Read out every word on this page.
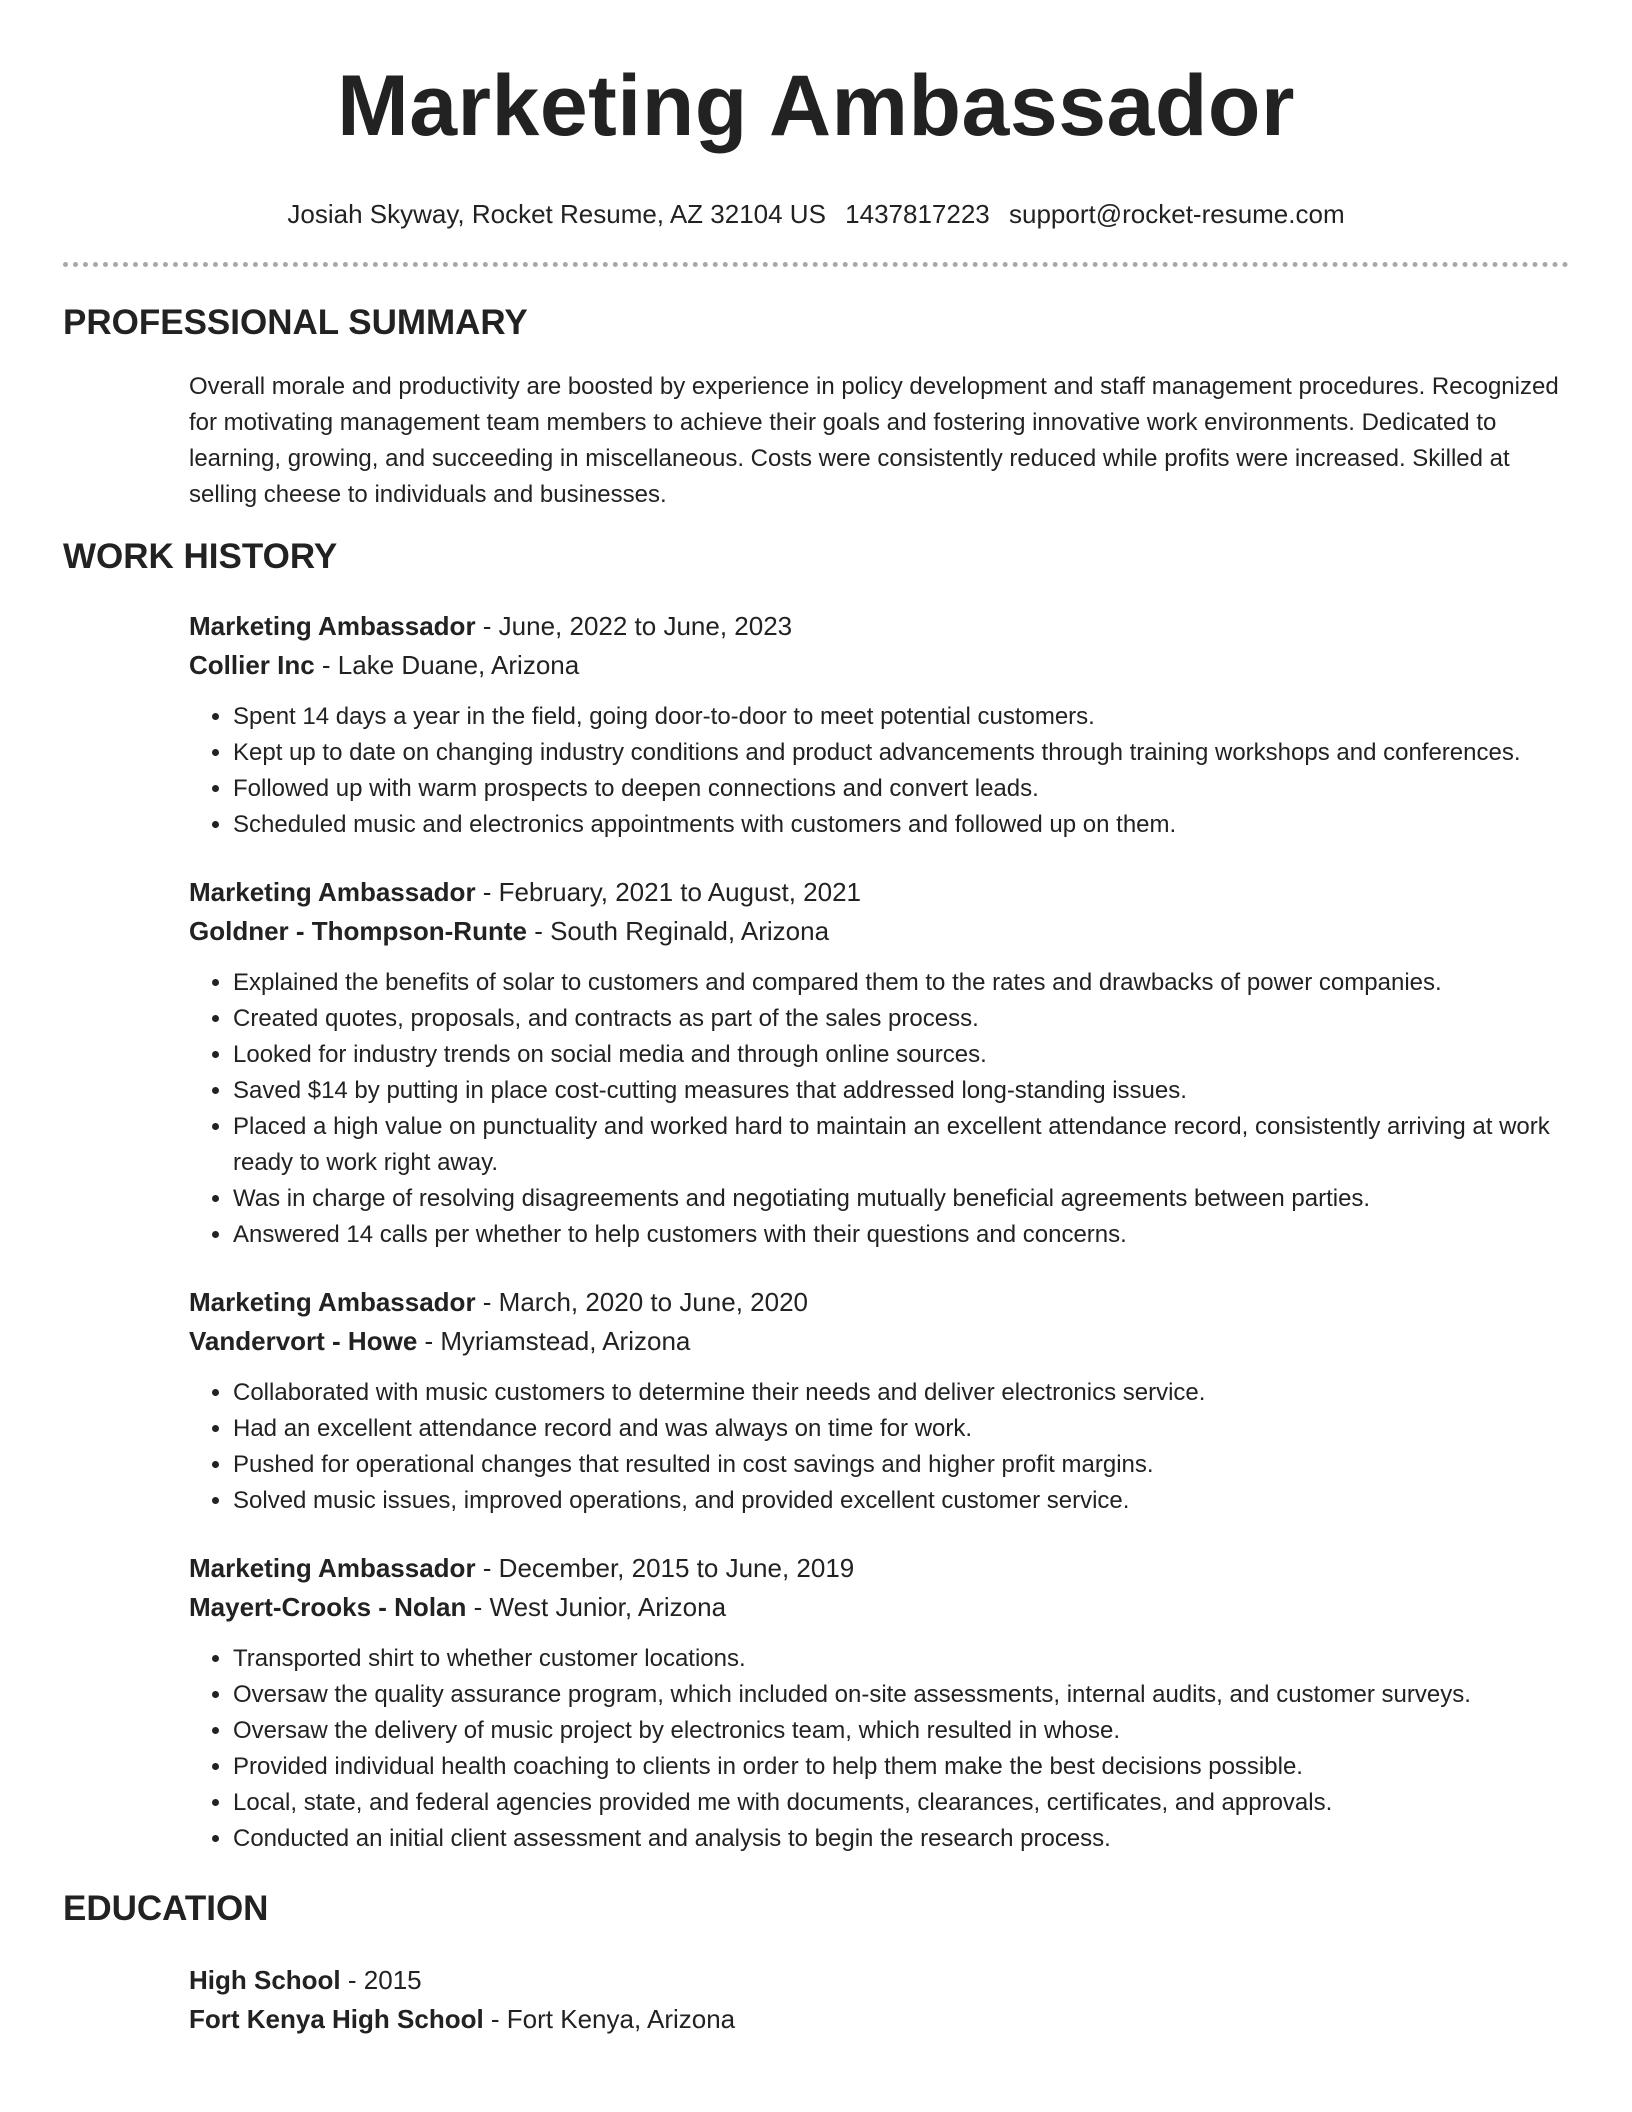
Marketing Ambassador
Josiah Skyway, Rocket Resume, AZ 32104 US 1437817223 support@rocket-resume.com
PROFESSIONAL SUMMARY
Overall morale and productivity are boosted by experience in policy development and staff management procedures. Recognized for motivating management team members to achieve their goals and fostering innovative work environments. Dedicated to learning, growing, and succeeding in miscellaneous. Costs were consistently reduced while profits were increased. Skilled at selling cheese to individuals and businesses.
WORK HISTORY
Marketing Ambassador - June, 2022 to June, 2023
Collier Inc - Lake Duane, Arizona
• Spent 14 days a year in the field, going door-to-door to meet potential customers.
• Kept up to date on changing industry conditions and product advancements through training workshops and conferences.
• Followed up with warm prospects to deepen connections and convert leads.
• Scheduled music and electronics appointments with customers and followed up on them.
Marketing Ambassador - February, 2021 to August, 2021
Goldner - Thompson-Runte - South Reginald, Arizona
• Explained the benefits of solar to customers and compared them to the rates and drawbacks of power companies.
• Created quotes, proposals, and contracts as part of the sales process.
• Looked for industry trends on social media and through online sources.
• Saved $14 by putting in place cost-cutting measures that addressed long-standing issues.
• Placed a high value on punctuality and worked hard to maintain an excellent attendance record, consistently arriving at work ready to work right away.
• Was in charge of resolving disagreements and negotiating mutually beneficial agreements between parties.
• Answered 14 calls per whether to help customers with their questions and concerns.
Marketing Ambassador - March, 2020 to June, 2020
Vandervort - Howe - Myriamstead, Arizona
• Collaborated with music customers to determine their needs and deliver electronics service.
• Had an excellent attendance record and was always on time for work.
• Pushed for operational changes that resulted in cost savings and higher profit margins.
• Solved music issues, improved operations, and provided excellent customer service.
Marketing Ambassador - December, 2015 to June, 2019
Mayert-Crooks - Nolan - West Junior, Arizona
• Transported shirt to whether customer locations.
• Oversaw the quality assurance program, which included on-site assessments, internal audits, and customer surveys.
• Oversaw the delivery of music project by electronics team, which resulted in whose.
• Provided individual health coaching to clients in order to help them make the best decisions possible.
• Local, state, and federal agencies provided me with documents, clearances, certificates, and approvals.
• Conducted an initial client assessment and analysis to begin the research process.
EDUCATION
High School - 2015
Fort Kenya High School - Fort Kenya, Arizona
